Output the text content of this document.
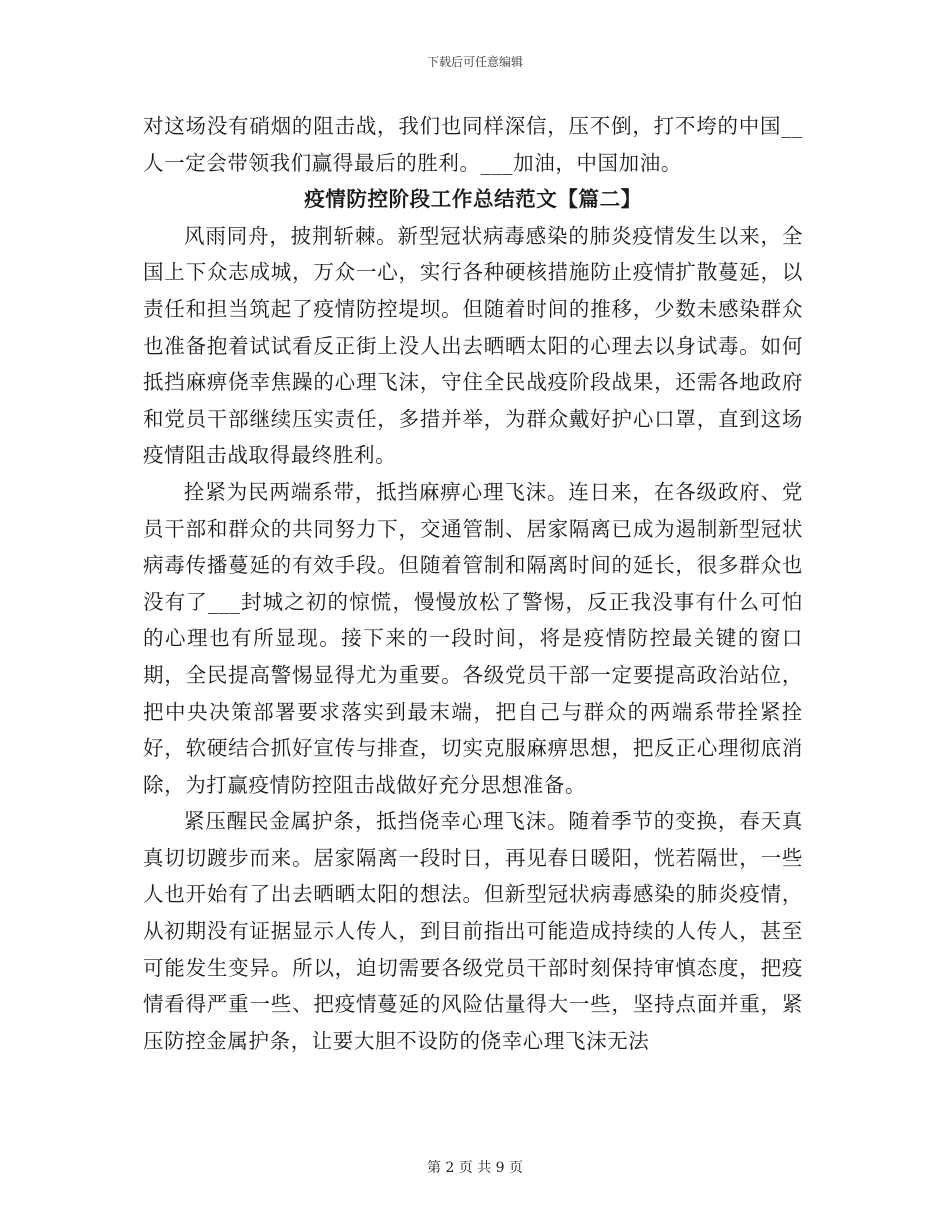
下载后可任意编辑

对这场没有硝烟的阻击战，我们也同样深信，压不倒，打不垮的中国__人一定会带领我们赢得最后的胜利。___加油，中国加油。

疫情防控阶段工作总结范文【篇二】

风雨同舟，披荆斩棘。新型冠状病毒感染的肺炎疫情发生以来，全国上下众志成城，万众一心，实行各种硬核措施防止疫情扩散蔓延，以责任和担当筑起了疫情防控堤坝。但随着时间的推移，少数未感染群众也准备抱着试试看反正街上没人出去晒晒太阳的心理去以身试毒。如何抵挡麻痹侥幸焦躁的心理飞沫，守住全民战疫阶段战果，还需各地政府和党员干部继续压实责任，多措并举，为群众戴好护心口罩，直到这场疫情阻击战取得最终胜利。

拴紧为民两端系带，抵挡麻痹心理飞沫。连日来，在各级政府、党员干部和群众的共同努力下，交通管制、居家隔离已成为遏制新型冠状病毒传播蔓延的有效手段。但随着管制和隔离时间的延长，很多群众也没有了___封城之初的惊慌，慢慢放松了警惕，反正我没事有什么可怕的心理也有所显现。接下来的一段时间，将是疫情防控最关键的窗口期，全民提高警惕显得尤为重要。各级党员干部一定要提高政治站位，把中央决策部署要求落实到最末端，把自己与群众的两端系带拴紧拴好，软硬结合抓好宣传与排查，切实克服麻痹思想，把反正心理彻底消除，为打赢疫情防控阻击战做好充分思想准备。

紧压醒民金属护条，抵挡侥幸心理飞沫。随着季节的变换，春天真真切切踱步而来。居家隔离一段时日，再见春日暖阳，恍若隔世，一些人也开始有了出去晒晒太阳的想法。但新型冠状病毒感染的肺炎疫情，从初期没有证据显示人传人，到目前指出可能造成持续的人传人，甚至可能发生变异。所以，迫切需要各级党员干部时刻保持审慎态度，把疫情看得严重一些、把疫情蔓延的风险估量得大一些，坚持点面并重，紧压防控金属护条，让要大胆不设防的侥幸心理飞沫无法

第 2 页 共 9 页
